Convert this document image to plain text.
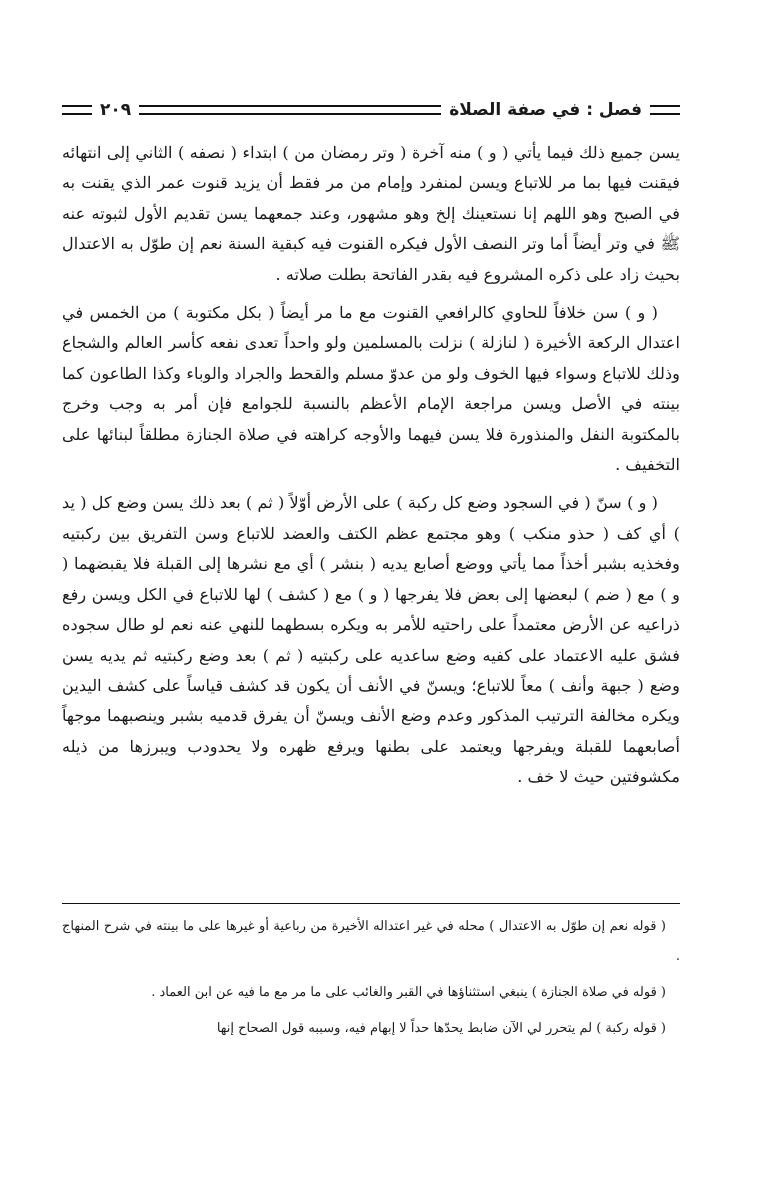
فصل : في صفة الصلاة
٢٠٩

يسن جميع ذلك فيما يأتي ( و ) منه آخرة ( وتر رمضان من ) ابتداء ( نصفه ) الثاني إلى انتهائه فيقنت فيها بما مر للاتباع ويسن لمنفرد وإمام من مر فقط أن يزيد قنوت عمر الذي يقنت به في الصبح وهو اللهم إنا نستعينك إلخ وهو مشهور، وعند جمعهما يسن تقديم الأول لثبوته عنه ﷺ في وتر أيضاً أما وتر النصف الأول فيكره القنوت فيه كبقية السنة نعم إن طوّل به الاعتدال بحيث زاد على ذكره المشروع فيه بقدر الفاتحة بطلت صلاته .

( و ) سن خلافاً للحاوي كالرافعي القنوت مع ما مر أيضاً ( بكل مكتوبة ) من الخمس في اعتدال الركعة الأخيرة ( لنازلة ) نزلت بالمسلمين ولو واحداً تعدى نفعه كأسر العالم والشجاع وذلك للاتباع وسواء فيها الخوف ولو من عدوّ مسلم والقحط والجراد والوباء وكذا الطاعون كما بينته في الأصل ويسن مراجعة الإمام الأعظم بالنسبة للجوامع فإن أمر به وجب وخرج بالمكتوبة النفل والمنذورة فلا يسن فيهما والأوجه كراهته في صلاة الجنازة مطلقاً لبنائها على التخفيف .

( و ) سنّ ( في السجود وضع كل ركبة ) على الأرض أوّلاً ( ثم ) بعد ذلك يسن وضع كل ( يد ) أي كف ( حذو منكب ) وهو مجتمع عظم الكتف والعضد للاتباع وسن التفريق بين ركبتيه وفخذيه بشبر أخذاً مما يأتي ووضع أصابع يديه ( بنشر ) أي مع نشرها إلى القبلة فلا يقبضهما ( و ) مع ( ضم ) لبعضها إلى بعض فلا يفرجها ( و ) مع ( كشف ) لها للاتباع في الكل ويسن رفع ذراعيه عن الأرض معتمداً على راحتيه للأمر به ويكره بسطهما للنهي عنه نعم لو طال سجوده فشق عليه الاعتماد على كفيه وضع ساعديه على ركبتيه ( ثم ) بعد وضع ركبتيه ثم يديه يسن وضع ( جبهة وأنف ) معاً للاتباع؛ ويسنّ في الأنف أن يكون قد كشف قياساً على كشف اليدين ويكره مخالفة الترتيب المذكور وعدم وضع الأنف ويسنّ أن يفرق قدميه بشبر وينصبهما موجهاً أصابعهما للقبلة ويفرجها ويعتمد على بطنها ويرفع ظهره ولا يحدودب ويبرزها من ذيله مكشوفتين حيث لا خف .

( قوله نعم إن طوّل به الاعتدال ) محله في غير اعتداله الأخيرة من رباعية أو غيرها على ما بينته في شرح المنهاج .

( قوله في صلاة الجنازة ) ينبغي استثناؤها في القبر والغائب على ما مر مع ما فيه عن ابن العماد .

( قوله ركبة ) لم يتحرر لي الآن ضابط يحدّها حداً لا إبهام فيه، وسببه قول الصحاح إنها
